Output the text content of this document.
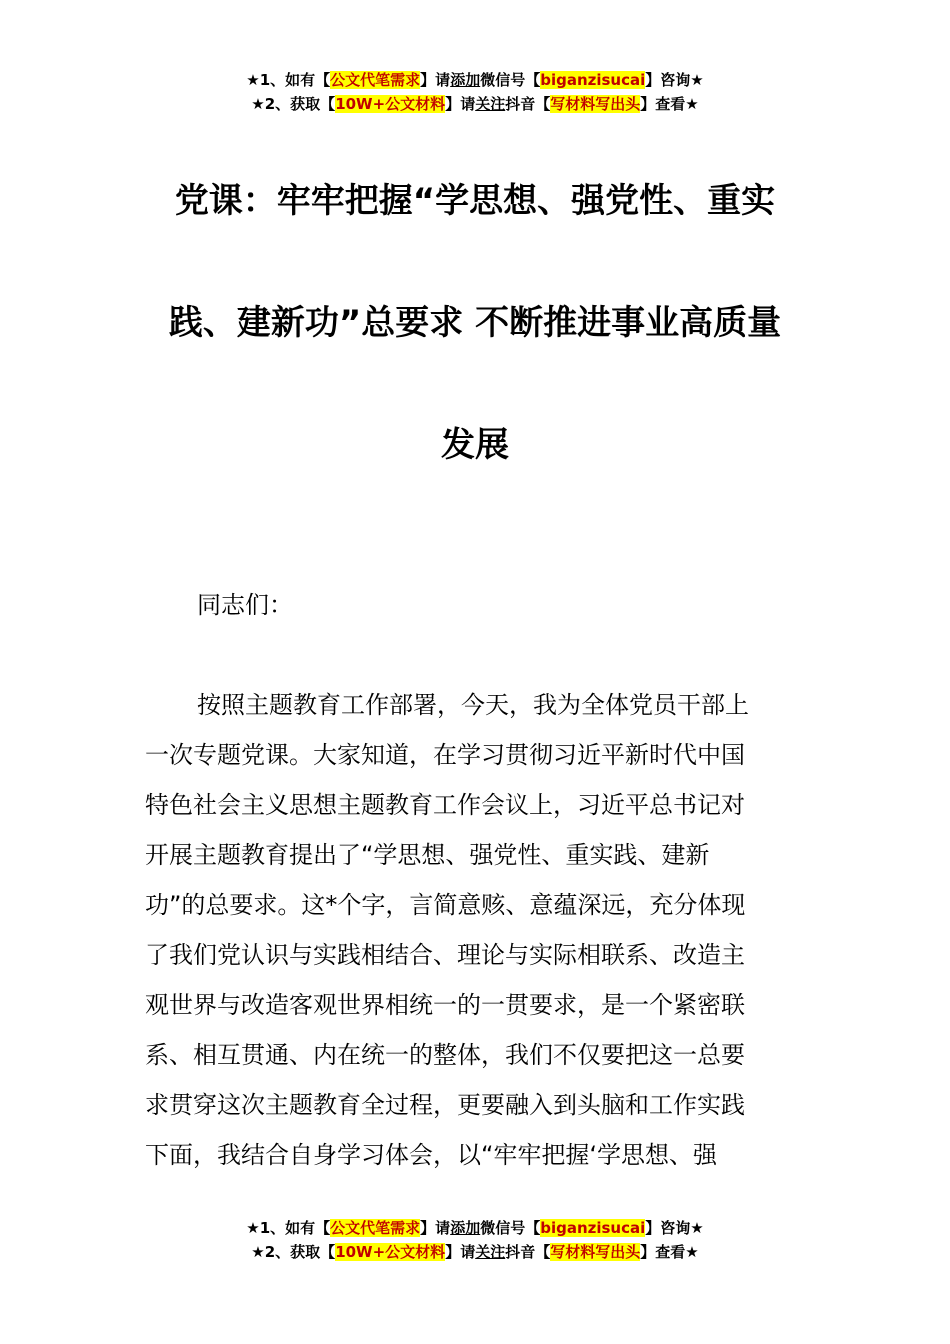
★1、如有【公文代笔需求】请添加微信号【biganzisucai】咨询★
★2、获取【10W+公文材料】请关注抖音【写材料写出头】查看★
党课：牢牢把握“学思想、强党性、重实
践、建新功”总要求 不断推进事业高质量
发展
同志们：
按照主题教育工作部署，今天，我为全体党员干部上
一次专题党课。大家知道，在学习贯彻习近平新时代中国
特色社会主义思想主题教育工作会议上，习近平总书记对
开展主题教育提出了“学思想、强党性、重实践、建新
功”的总要求。这*个字，言简意赅、意蕴深远，充分体现
了我们党认识与实践相结合、理论与实际相联系、改造主
观世界与改造客观世界相统一的一贯要求，是一个紧密联
系、相互贯通、内在统一的整体，我们不仅要把这一总要
求贯穿这次主题教育全过程，更要融入到头脑和工作实践
下面，我结合自身学习体会，以“牢牢把握‘学思想、强
★1、如有【公文代笔需求】请添加微信号【biganzisucai】咨询★
★2、获取【10W+公文材料】请关注抖音【写材料写出头】查看★
